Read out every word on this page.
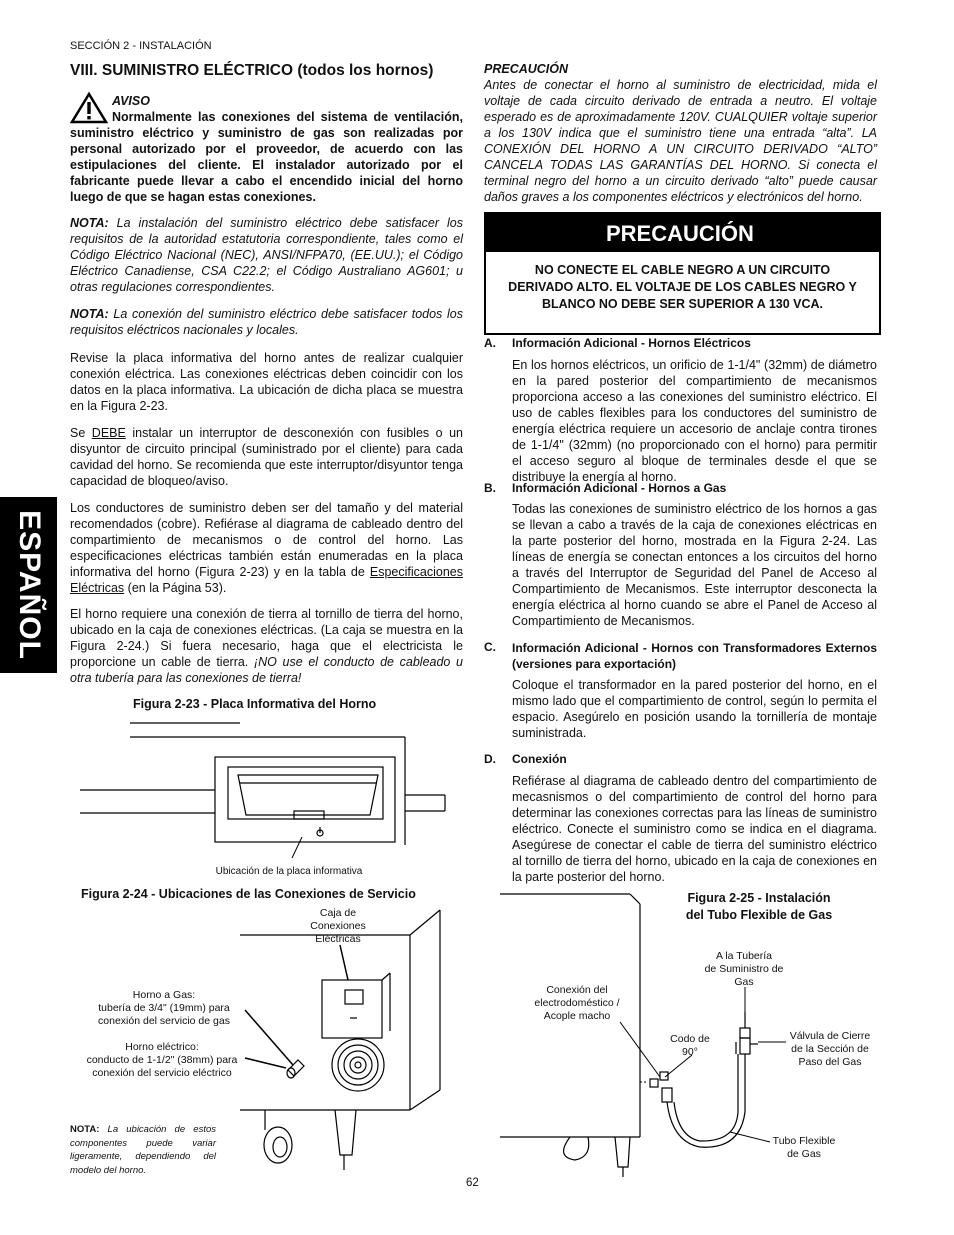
SECCIÓN 2 - INSTALACIÓN
ESPAÑOL
VIII. SUMINISTRO ELÉCTRICO (todos los hornos)
AVISO
Normalmente las conexiones del sistema de ventilación, suministro eléctrico y suministro de gas son realizadas por personal autorizado por el proveedor, de acuerdo con las estipulaciones del cliente. El instalador autorizado por el fabricante puede llevar a cabo el encendido inicial del horno luego de que se hagan estas conexiones.
NOTA: La instalación del suministro eléctrico debe satisfacer los requisitos de la autoridad estatutoria correspondiente, tales como el Código Eléctrico Nacional (NEC), ANSI/NFPA70, (EE.UU.); el Código Eléctrico Canadiense, CSA C22.2; el Código Australiano AG601; u otras regulaciones correspondientes.
NOTA: La conexión del suministro eléctrico debe satisfacer todos los requisitos eléctricos nacionales y locales.
Revise la placa informativa del horno antes de realizar cualquier conexión eléctrica. Las conexiones eléctricas deben coincidir con los datos en la placa informativa. La ubicación de dicha placa se muestra en la Figura 2-23.
Se DEBE instalar un interruptor de desconexión con fusibles o un disyuntor de circuito principal (suministrado por el cliente) para cada cavidad del horno. Se recomienda que este interruptor/disyuntor tenga capacidad de bloqueo/aviso.
Los conductores de suministro deben ser del tamaño y del material recomendados (cobre). Refiérase al diagrama de cableado dentro del compartimiento de mecanismos o de control del horno. Las especificaciones eléctricas también están enumeradas en la placa informativa del horno (Figura 2-23) y en la tabla de Especificaciones Eléctricas (en la Página 53).
El horno requiere una conexión de tierra al tornillo de tierra del horno, ubicado en la caja de conexiones eléctricas. (La caja se muestra en la Figura 2-24.) Si fuera necesario, haga que el electricista le proporcione un cable de tierra. ¡NO use el conducto de cableado u otra tubería para las conexiones de tierra!
Figura 2-23 - Placa Informativa del Horno
Ubicación de la placa informativa
Figura 2-24 - Ubicaciones de las Conexiones de Servicio
Caja de
Conexiones
Eléctricas
Horno a Gas:
tubería de 3/4" (19mm) para
conexión del servicio de gas
Horno eléctrico:
conducto de 1-1/2" (38mm) para
conexión del servicio eléctrico
NOTA: La ubicación de estos componentes puede variar ligeramente, dependiendo del modelo del horno.
PRECAUCIÓN
Antes de conectar el horno al suministro de electricidad, mida el voltaje de cada circuito derivado de entrada a neutro. El voltaje esperado es de aproximadamente 120V. CUALQUIER voltaje superior a los 130V indica que el suministro tiene una entrada “alta”. LA CONEXIÓN DEL HORNO A UN CIRCUITO DERIVADO “ALTO” CANCELA TODAS LAS GARANTÍAS DEL HORNO. Si conecta el terminal negro del horno a un circuito derivado “alto” puede causar daños graves a los componentes eléctricos y electrónicos del horno.
PRECAUCIÓN
NO CONECTE EL CABLE NEGRO A UN CIRCUITO DERIVADO ALTO. EL VOLTAJE DE LOS CABLES NEGRO Y BLANCO NO DEBE SER SUPERIOR A 130 VCA.
A. Información Adicional - Hornos Eléctricos
En los hornos eléctricos, un orificio de 1-1/4" (32mm) de diámetro en la pared posterior del compartimiento de mecanismos proporciona acceso a las conexiones del suministro eléctrico. El uso de cables flexibles para los conductores del suministro de energía eléctrica requiere un accesorio de anclaje contra tirones de 1-1/4" (32mm) (no proporcionado con el horno) para permitir el acceso seguro al bloque de terminales desde el que se distribuye la energía al horno.
B. Información Adicional - Hornos a Gas
Todas las conexiones de suministro eléctrico de los hornos a gas se llevan a cabo a través de la caja de conexiones eléctricas en la parte posterior del horno, mostrada en la Figura 2-24. Las líneas de energía se conectan entonces a los circuitos del horno a través del Interruptor de Seguridad del Panel de Acceso al Compartimiento de Mecanismos. Este interruptor desconecta la energía eléctrica al horno cuando se abre el Panel de Acceso al Compartimiento de Mecanismos.
C. Información Adicional - Hornos con Transformadores Externos (versiones para exportación)
Coloque el transformador en la pared posterior del horno, en el mismo lado que el compartimiento de control, según lo permita el espacio. Asegúrelo en posición usando la tornillería de montaje suministrada.
D. Conexión
Refiérase al diagrama de cableado dentro del compartimiento de mecasnismos o del compartimiento de control del horno para determinar las conexiones correctas para las líneas de suministro eléctrico. Conecte el suministro como se indica en el diagrama. Asegúrese de conectar el cable de tierra del suministro eléctrico al tornillo de tierra del horno, ubicado en la caja de conexiones en la parte posterior del horno.
Figura 2-25 - Instalación
del Tubo Flexible de Gas
A la Tubería
de Suministro de
Gas
Conexión del
electrodoméstico /
Acople macho
Codo de
90°
Válvula de Cierre
de la Sección de
Paso del Gas
Tubo Flexible
de Gas
62
